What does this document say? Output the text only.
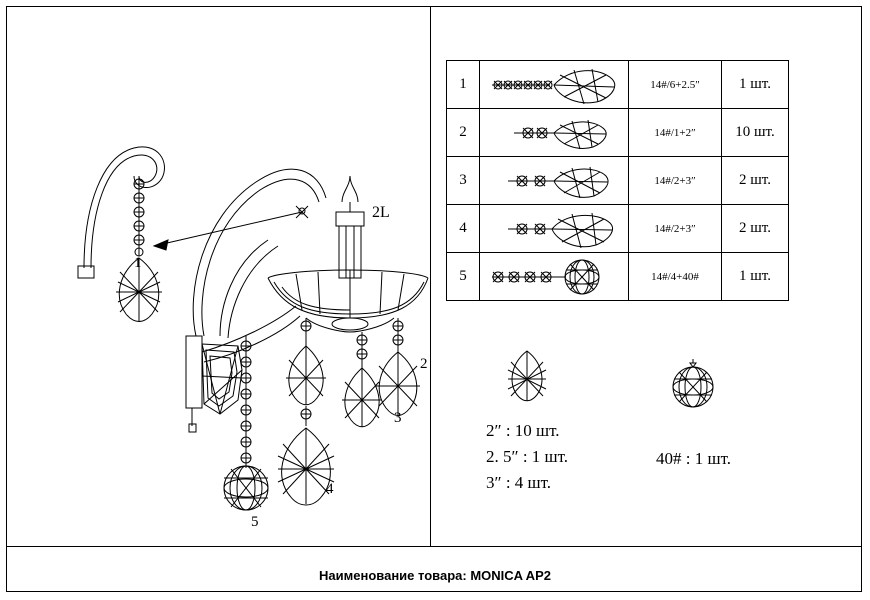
2L
1
2
3
4
5
1		14#/6+2.5″	1 шт.
2		14#/1+2″	10 шт.
3		14#/2+3″	2 шт.
4		14#/2+3″	2 шт.
5		14#/4+40#	1 шт.
2″ : 10 шт.
2. 5″ : 1 шт.
3″ : 4 шт.
40# : 1 шт.
Наименование товара: MONICA AP2
